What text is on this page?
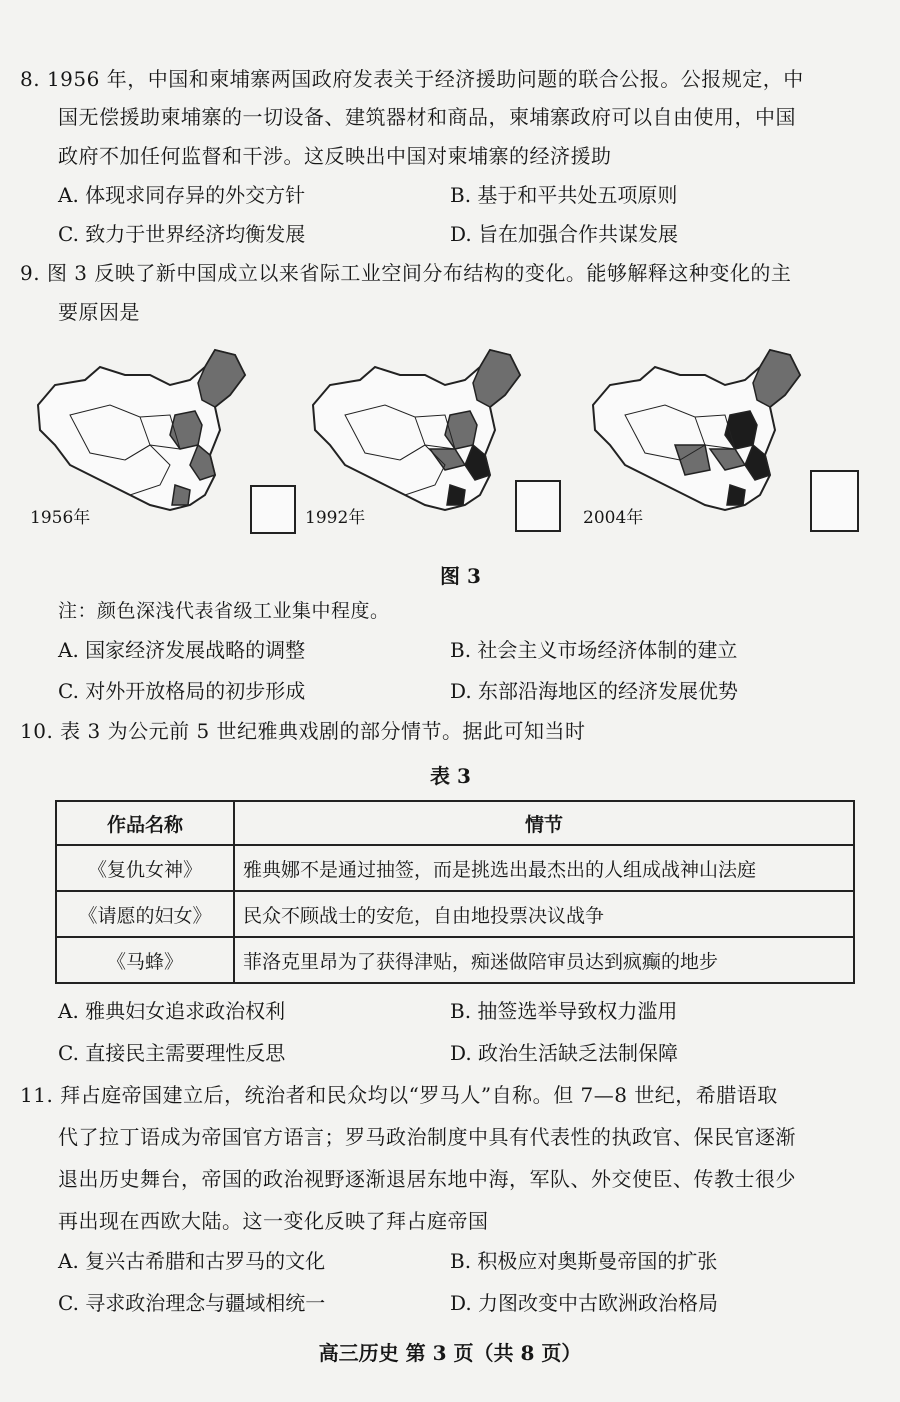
8. 1956 年，中国和柬埔寨两国政府发表关于经济援助问题的联合公报。公报规定，中
国无偿援助柬埔寨的一切设备、建筑器材和商品，柬埔寨政府可以自由使用，中国
政府不加任何监督和干涉。这反映出中国对柬埔寨的经济援助
A. 体现求同存异的外交方针	B. 基于和平共处五项原则
C. 致力于世界经济均衡发展	D. 旨在加强合作共谋发展
9. 图 3 反映了新中国成立以来省际工业空间分布结构的变化。能够解释这种变化的主
要原因是
1956年	1992年	2004年
图 3
注：颜色深浅代表省级工业集中程度。
A. 国家经济发展战略的调整	B. 社会主义市场经济体制的建立
C. 对外开放格局的初步形成	D. 东部沿海地区的经济发展优势
10. 表 3 为公元前 5 世纪雅典戏剧的部分情节。据此可知当时
表 3
作品名称	情节
《复仇女神》	雅典娜不是通过抽签，而是挑选出最杰出的人组成战神山法庭
《请愿的妇女》	民众不顾战士的安危，自由地投票决议战争
《马蜂》	菲洛克里昂为了获得津贴，痴迷做陪审员达到疯癫的地步
A. 雅典妇女追求政治权利	B. 抽签选举导致权力滥用
C. 直接民主需要理性反思	D. 政治生活缺乏法制保障
11. 拜占庭帝国建立后，统治者和民众均以“罗马人”自称。但 7—8 世纪，希腊语取
代了拉丁语成为帝国官方语言；罗马政治制度中具有代表性的执政官、保民官逐渐
退出历史舞台，帝国的政治视野逐渐退居东地中海，军队、外交使臣、传教士很少
再出现在西欧大陆。这一变化反映了拜占庭帝国
A. 复兴古希腊和古罗马的文化	B. 积极应对奥斯曼帝国的扩张
C. 寻求政治理念与疆域相统一	D. 力图改变中古欧洲政治格局
高三历史 第 3 页（共 8 页）
